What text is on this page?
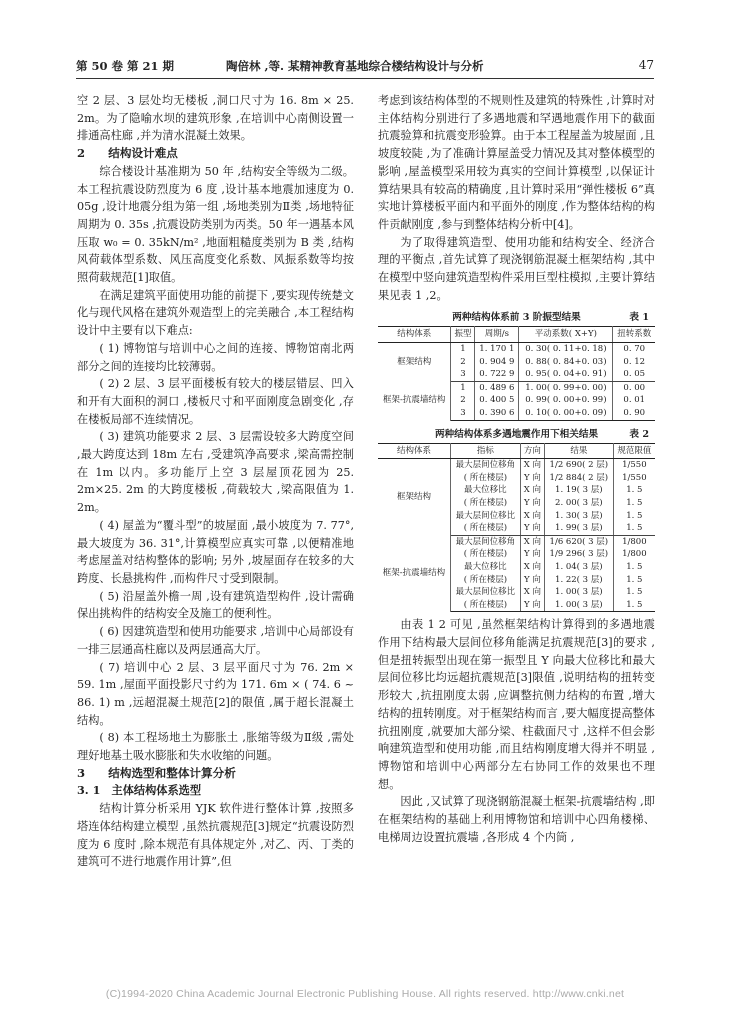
第 50 卷 第 21 期	陶倍林 ,等. 某精神教育基地综合楼结构设计与分析	47

空 2 层、3 层处均无楼板 ,洞口尺寸为 16. 8m × 25. 2m。为了隐喻水坝的建筑形象 ,在培训中心南侧设置一排通高柱廊 ,并为清水混凝土效果。

2　　结构设计难点

综合楼设计基准期为 50 年 ,结构安全等级为二级。本工程抗震设防烈度为 6 度 ,设计基本地震加速度为 0. 05g ,设计地震分组为第一组 ,场地类别为Ⅱ类 ,场地特征周期为 0. 35s ,抗震设防类别为丙类。50 年一遇基本风压取 w₀ = 0. 35kN/m² ,地面粗糙度类别为 B 类 ,结构风荷载体型系数、风压高度变化系数、风振系数等均按照荷载规范[1]取值。

在满足建筑平面使用功能的前提下 ,要实现传统楚文化与现代风格在建筑外观造型上的完美融合 ,本工程结构设计中主要有以下难点:

( 1) 博物馆与培训中心之间的连接、博物馆南北两部分之间的连接均比较薄弱。

( 2) 2 层、3 层平面楼板有较大的楼层错层、凹入和开有大面积的洞口 ,楼板尺寸和平面刚度急剧变化 ,存在楼板局部不连续情况。

( 3) 建筑功能要求 2 层、3 层需设较多大跨度空间 ,最大跨度达到 18m 左右 ,受建筑净高要求 ,梁高需控制在 1m 以内。多功能厅上空 3 层屋顶花园为 25. 2m×25. 2m 的大跨度楼板 ,荷载较大 ,梁高限值为 1. 2m。

( 4) 屋盖为“覆斗型”的坡屋面 ,最小坡度为 7. 77°,最大坡度为 36. 31°,计算模型应真实可靠 ,以便精准地考虑屋盖对结构整体的影响; 另外 ,坡屋面存在较多的大跨度、长悬挑构件 ,而构件尺寸受到限制。

( 5) 沿屋盖外檐一周 ,设有建筑造型构件 ,设计需确保出挑构件的结构安全及施工的便利性。

( 6) 因建筑造型和使用功能要求 ,培训中心局部设有一排三层通高柱廊以及两层通高大厅。

( 7) 培训中心 2 层、3 层平面尺寸为 76. 2m × 59. 1m ,屋面平面投影尺寸约为 171. 6m × ( 74. 6 ~ 86. 1) m ,远超混凝土规范[2]的限值 ,属于超长混凝土结构。

( 8) 本工程场地土为膨胀土 ,胀缩等级为Ⅱ级 ,需处理好地基土吸水膨胀和失水收缩的问题。

3　　结构选型和整体计算分析
3. 1　主体结构体系选型

结构计算分析采用 YJK 软件进行整体计算 ,按照多塔连体结构建立模型 ,虽然抗震规范[3]规定“抗震设防烈度为 6 度时 ,除本规范有具体规定外 ,对乙、丙、丁类的建筑可不进行地震作用计算”,但

考虑到该结构体型的不规则性及建筑的特殊性 ,计算时对主体结构分别进行了多遇地震和罕遇地震作用下的截面抗震验算和抗震变形验算。由于本工程屋盖为坡屋面 ,且坡度较陡 ,为了准确计算屋盖受力情况及其对整体模型的影响 ,屋盖模型采用较为真实的空间计算模型 ,以保证计算结果具有较高的精确度 ,且计算时采用“弹性楼板 6”真实地计算楼板平面内和平面外的刚度 ,作为整体结构的构件贡献刚度 ,参与到整体结构分析中[4]。

为了取得建筑造型、使用功能和结构安全、经济合理的平衡点 ,首先试算了现浇钢筋混凝土框架结构 ,其中在模型中竖向建筑造型构件采用巨型柱模拟 ,主要计算结果见表 1 ,2。

两种结构体系前 3 阶振型结果	表 1
结构体系	振型	周期/s	平动系数( X+Y)	扭转系数
框架结构	1	1. 170 1	0. 30( 0. 11+0. 18)	0. 70
	2	0. 904 9	0. 88( 0. 84+0. 03)	0. 12
	3	0. 722 9	0. 95( 0. 04+0. 91)	0. 05
框架-抗震墙结构	1	0. 489 6	1. 00( 0. 99+0. 00)	0. 00
	2	0. 400 5	0. 99( 0. 00+0. 99)	0. 01
	3	0. 390 6	0. 10( 0. 00+0. 09)	0. 90
两种结构体系多遇地震作用下相关结果	表 2
结构体系	指标	方向	结果	规范限值
框架结构	最大层间位移角	X 向	1/2 690( 2 层)	1/550
	( 所在楼层)	Y 向	1/2 884( 2 层)	1/550
	最大位移比	X 向	1. 19( 3 层)	1. 5
	( 所在楼层)	Y 向	2. 00( 3 层)	1. 5
	最大层间位移比	X 向	1. 30( 3 层)	1. 5
	( 所在楼层)	Y 向	1. 99( 3 层)	1. 5
框架-抗震墙结构	最大层间位移角	X 向	1/6 620( 3 层)	1/800
	( 所在楼层)	Y 向	1/9 296( 3 层)	1/800
	最大位移比	X 向	1. 04( 3 层)	1. 5
	( 所在楼层)	Y 向	1. 22( 3 层)	1. 5
	最大层间位移比	X 向	1. 00( 3 层)	1. 5
	( 所在楼层)	Y 向	1. 00( 3 层)	1. 5

由表 1 2 可见 ,虽然框架结构计算得到的多遇地震作用下结构最大层间位移角能满足抗震规范[3]的要求 ,但是扭转振型出现在第一振型且 Y 向最大位移比和最大层间位移比均远超抗震规范[3]限值 ,说明结构的扭转变形较大 ,抗扭刚度太弱 ,应调整抗侧力结构的布置 ,增大结构的扭转刚度。对于框架结构而言 ,要大幅度提高整体抗扭刚度 ,就要加大部分梁、柱截面尺寸 ,这样不但会影响建筑造型和使用功能 ,而且结构刚度增大得并不明显 ,博物馆和培训中心两部分左右协同工作的效果也不理想。

因此 ,又试算了现浇钢筋混凝土框架-抗震墙结构 ,即在框架结构的基础上利用博物馆和培训中心四角楼梯、电梯周边设置抗震墙 ,各形成 4 个内筒 ,

(C)1994-2020 China Academic Journal Electronic Publishing House. All rights reserved. http://www.cnki.net
